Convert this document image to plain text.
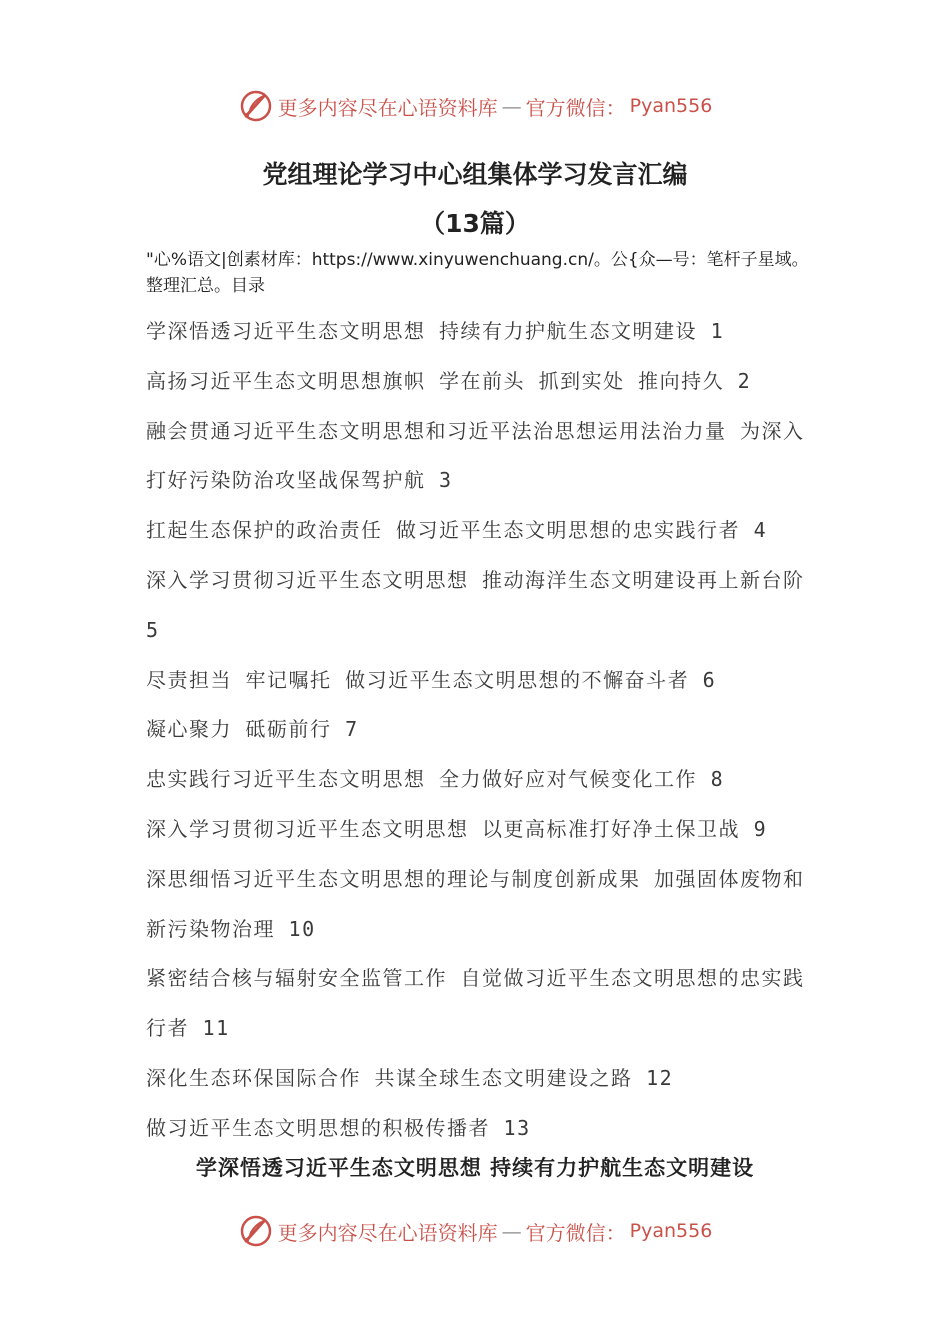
更多内容尽在心语资料库 — 官方微信： Pyan556
党组理论学习中心组集体学习发言汇编
（13篇）
"心%语文|创素材库：https://www.xinyuwenchuang.cn/。公{众—号：笔杆子星域。整理汇总。目录
学深悟透习近平生态文明思想 持续有力护航生态文明建设 1
高扬习近平生态文明思想旗帜 学在前头 抓到实处 推向持久 2
融会贯通习近平生态文明思想和习近平法治思想运用法治力量 为深入打好污染防治攻坚战保驾护航 3
扛起生态保护的政治责任 做习近平生态文明思想的忠实践行者 4
深入学习贯彻习近平生态文明思想 推动海洋生态文明建设再上新台阶 5
尽责担当 牢记嘱托 做习近平生态文明思想的不懈奋斗者 6
凝心聚力 砥砺前行 7
忠实践行习近平生态文明思想 全力做好应对气候变化工作 8
深入学习贯彻习近平生态文明思想 以更高标准打好净土保卫战 9
深思细悟习近平生态文明思想的理论与制度创新成果 加强固体废物和新污染物治理 10
紧密结合核与辐射安全监管工作 自觉做习近平生态文明思想的忠实践行者 11
深化生态环保国际合作 共谋全球生态文明建设之路 12
做习近平生态文明思想的积极传播者 13
学深悟透习近平生态文明思想 持续有力护航生态文明建设
更多内容尽在心语资料库 — 官方微信： Pyan556
